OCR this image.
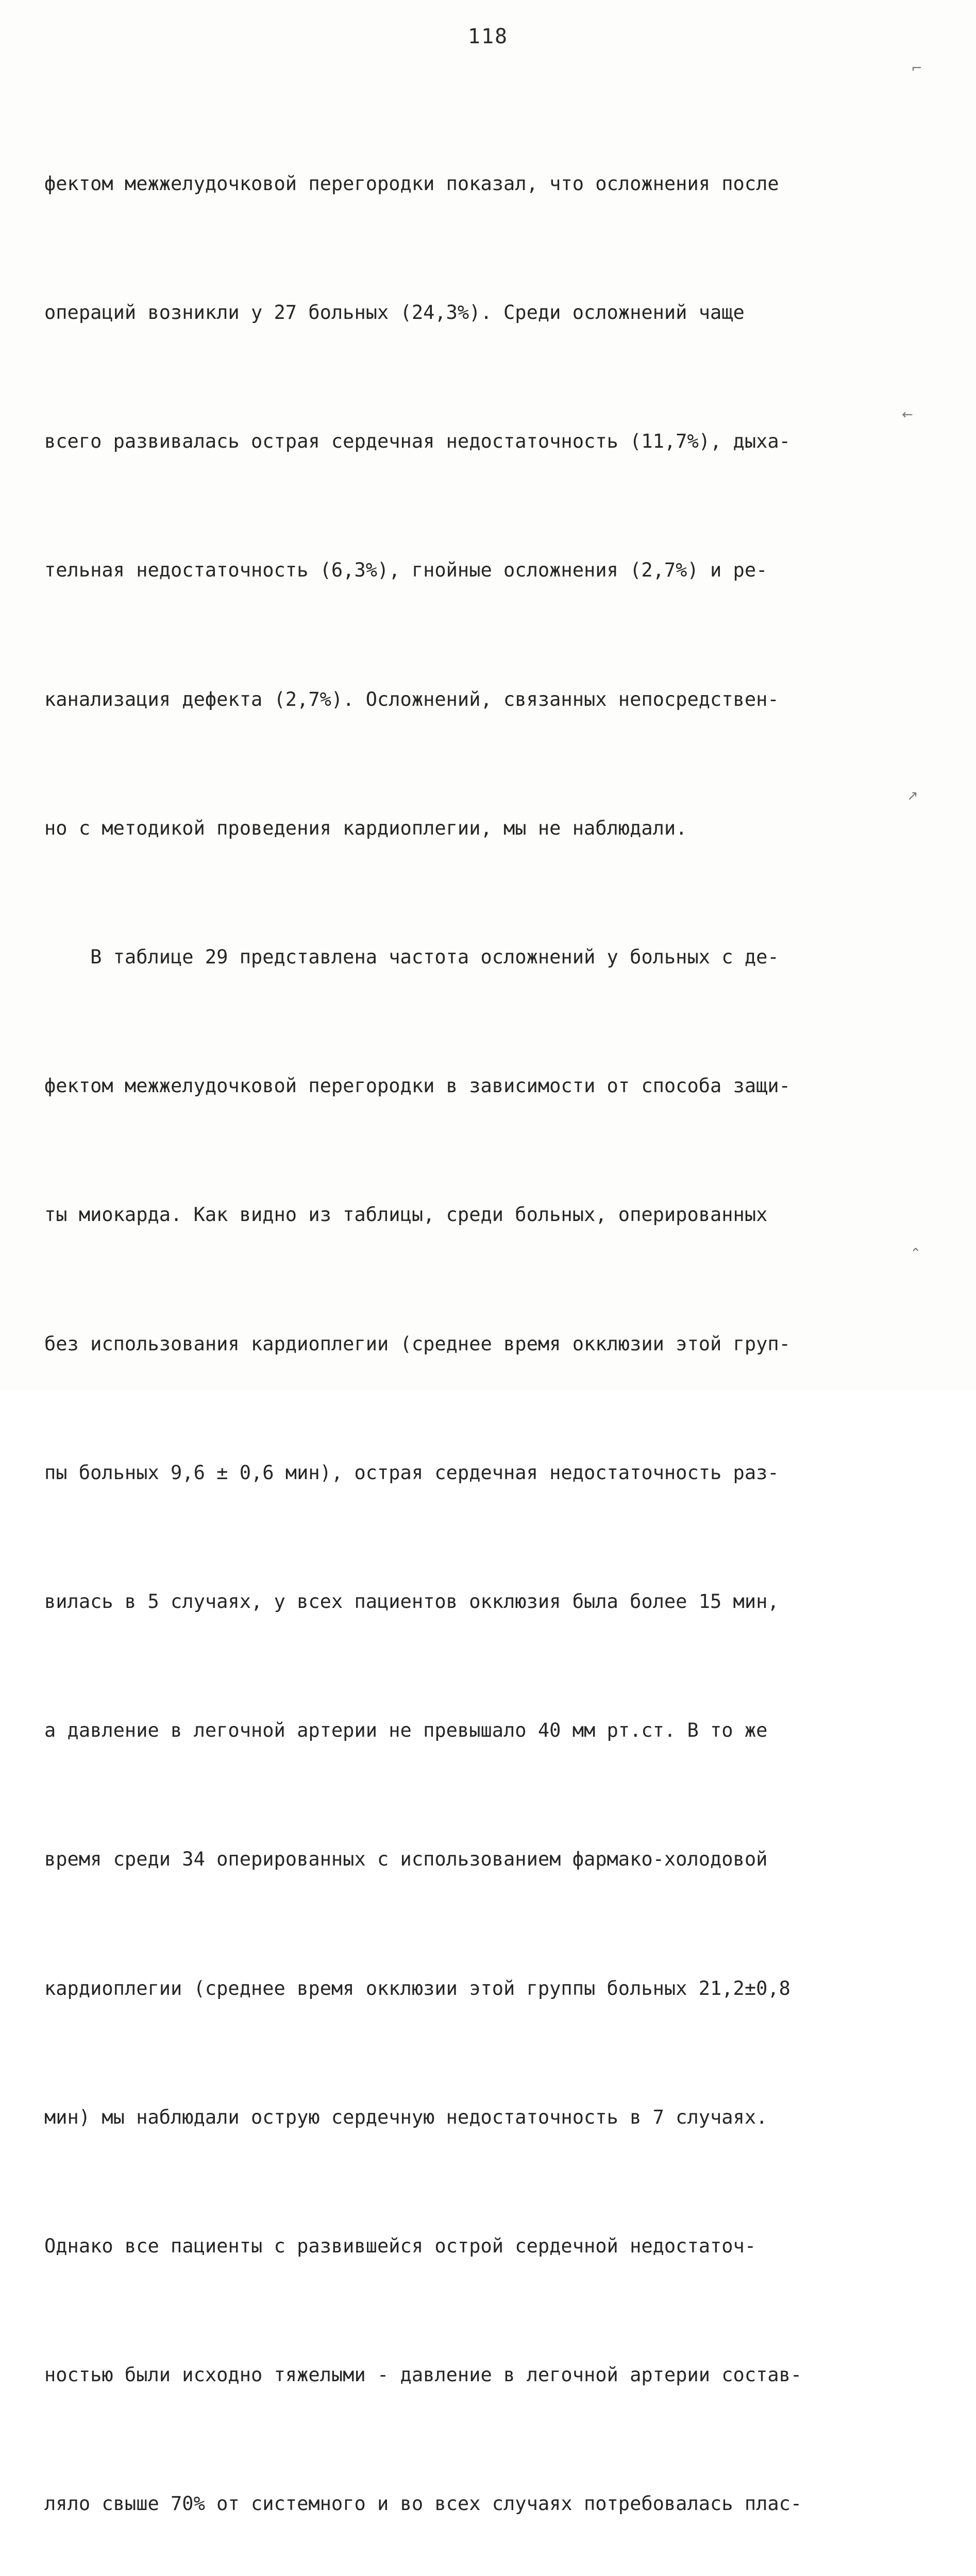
118

фектом межжелудочковой перегородки показал, что осложнения после

операций возникли у 27 больных (24,3%). Среди осложнений чаще

всего развивалась острая сердечная недостаточность (11,7%), дыха-

тельная недостаточность (6,3%), гнойные осложнения (2,7%) и ре-

канализация дефекта (2,7%). Осложнений, связанных непосредствен-

но с методикой проведения кардиоплегии, мы не наблюдали.

В таблице 29 представлена частота осложнений у больных с де-

фектом межжелудочковой перегородки в зависимости от способа защи-

ты миокарда. Как видно из таблицы, среди больных, оперированных

без использования кардиоплегии (среднее время окклюзии этой груп-

пы больных 9,6 ± 0,6 мин), острая сердечная недостаточность раз-

вилась в 5 случаях, у всех пациентов окклюзия была более 15 мин,

а давление в легочной артерии не превышало 40 мм рт.ст. В то же

время среди 34 оперированных с использованием фармако-холодовой

кардиоплегии (среднее время окклюзии этой группы больных 21,2±0,8

мин) мы наблюдали острую сердечную недостаточность в 7 случаях.

Однако все пациенты с развившейся острой сердечной недостаточ-

ностью были исходно тяжелыми - давление в легочной артерии состав-

ляло свыше 70% от системного и во всех случаях потребовалась плас-

⌐
←
↗
⌃
